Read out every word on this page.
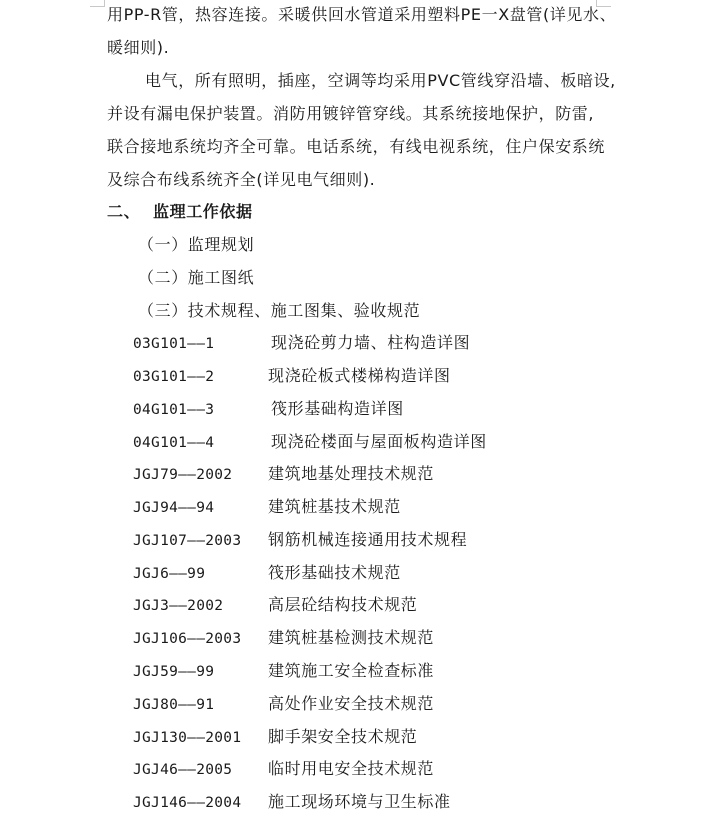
用PP-R管，热容连接。采暖供回水管道采用塑料PE一X盘管(详见水、
暖细则).
电气，所有照明，插座，空调等均采用PVC管线穿沿墙、板暗设,
并设有漏电保护装置。消防用镀锌管穿线。其系统接地保护，防雷,
联合接地系统均齐全可靠。电话系统，有线电视系统，住户保安系统
及综合布线系统齐全(详见电气细则).
二、 监理工作依据
（一）监理规划
（二）施工图纸
（三）技术规程、施工图集、验收规范
03G101——1	现浇砼剪力墙、柱构造详图
03G101——2	现浇砼板式楼梯构造详图
04G101——3	筏形基础构造详图
04G101——4	现浇砼楼面与屋面板构造详图
JGJ79——2002 建筑地基处理技术规范
JGJ94——94	建筑桩基技术规范
JGJ107——2003 钢筋机械连接通用技术规程
JGJ6——99	筏形基础技术规范
JGJ3——2002	高层砼结构技术规范
JGJ106——2003 建筑桩基检测技术规范
JGJ59——99	建筑施工安全检查标准
JGJ80——91	高处作业安全技术规范
JGJ130——2001 脚手架安全技术规范
JGJ46——2005 临时用电安全技术规范
JGJ146——2004 施工现场环境与卫生标准
